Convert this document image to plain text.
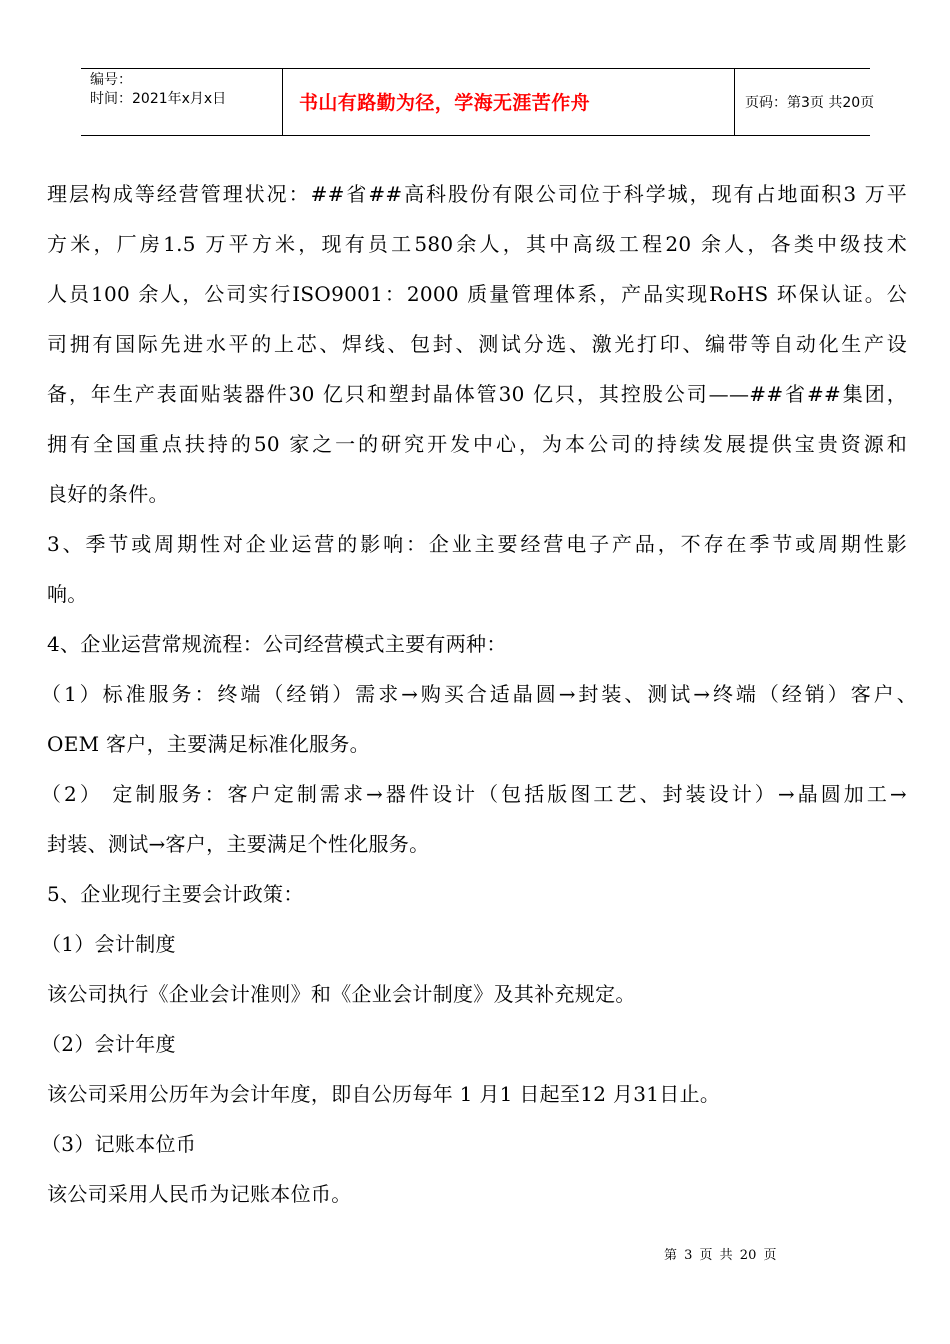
编号：
时间：2021年x月x日	书山有路勤为径，学海无涯苦作舟	页码：第3页 共20页
理层构成等经营管理状况：##省##高科股份有限公司位于科学城，现有占地面积3 万平
方米，厂房1.5 万平方米，现有员工580余人，其中高级工程20 余人，各类中级技术
人员100 余人，公司实行ISO9001：2000 质量管理体系，产品实现RoHS 环保认证。公
司拥有国际先进水平的上芯、焊线、包封、测试分选、激光打印、编带等自动化生产设
备，年生产表面贴装器件30 亿只和塑封晶体管30 亿只，其控股公司——##省##集团，
拥有全国重点扶持的50 家之一的研究开发中心，为本公司的持续发展提供宝贵资源和
良好的条件。
3、季节或周期性对企业运营的影响：企业主要经营电子产品，不存在季节或周期性影
响。
4、企业运营常规流程：公司经营模式主要有两种：
（1）标准服务：终端（经销）需求→购买合适晶圆→封装、测试→终端（经销）客户、
OEM 客户，主要满足标准化服务。
（2） 定制服务：客户定制需求→器件设计（包括版图工艺、封装设计）→晶圆加工→
封装、测试→客户，主要满足个性化服务。
5、企业现行主要会计政策：
（1）会计制度
该公司执行《企业会计准则》和《企业会计制度》及其补充规定。
（2）会计年度
该公司采用公历年为会计年度，即自公历每年 1 月1 日起至12 月31日止。
（3）记账本位币
该公司采用人民币为记账本位币。
第 3 页 共 20 页
